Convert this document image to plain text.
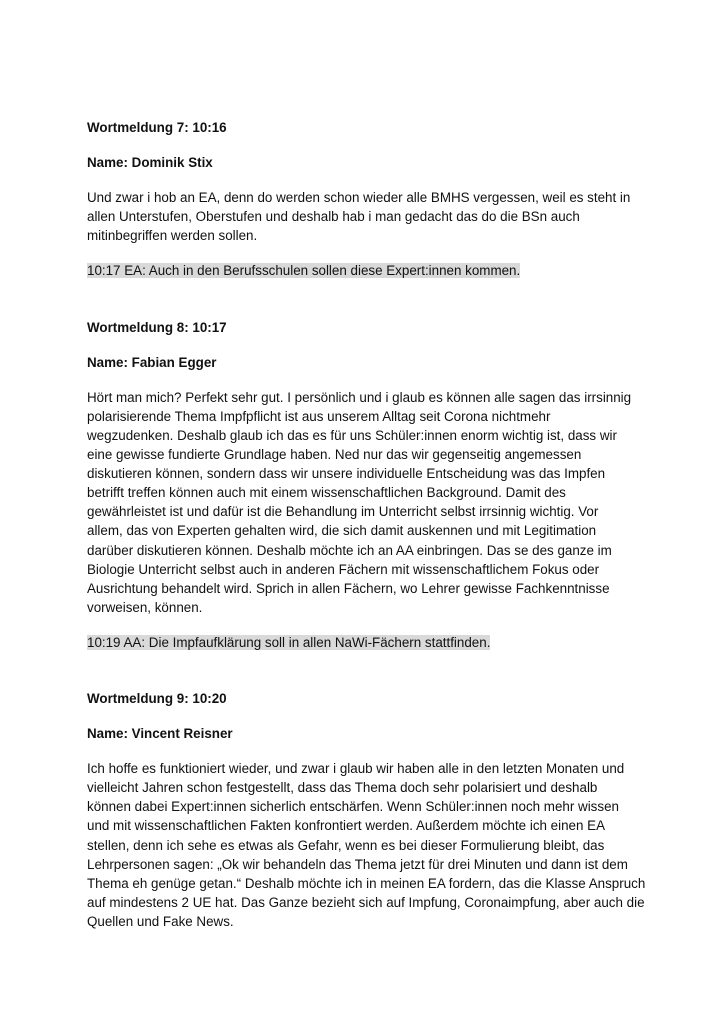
Wortmeldung 7: 10:16

Name: Dominik Stix

Und zwar i hob an EA, denn do werden schon wieder alle BMHS vergessen, weil es steht in
allen Unterstufen, Oberstufen und deshalb hab i man gedacht das do die BSn auch
mitinbegriffen werden sollen.

10:17 EA: Auch in den Berufsschulen sollen diese Expert:innen kommen.

Wortmeldung 8: 10:17

Name: Fabian Egger

Hört man mich? Perfekt sehr gut. I persönlich und i glaub es können alle sagen das irrsinnig
polarisierende Thema Impfpflicht ist aus unserem Alltag seit Corona nichtmehr
wegzudenken. Deshalb glaub ich das es für uns Schüler:innen enorm wichtig ist, dass wir
eine gewisse fundierte Grundlage haben. Ned nur das wir gegenseitig angemessen
diskutieren können, sondern dass wir unsere individuelle Entscheidung was das Impfen
betrifft treffen können auch mit einem wissenschaftlichen Background. Damit des
gewährleistet ist und dafür ist die Behandlung im Unterricht selbst irrsinnig wichtig. Vor
allem, das von Experten gehalten wird, die sich damit auskennen und mit Legitimation
darüber diskutieren können. Deshalb möchte ich an AA einbringen. Das se des ganze im
Biologie Unterricht selbst auch in anderen Fächern mit wissenschaftlichem Fokus oder
Ausrichtung behandelt wird. Sprich in allen Fächern, wo Lehrer gewisse Fachkenntnisse
vorweisen, können.

10:19 AA: Die Impfaufklärung soll in allen NaWi-Fächern stattfinden.

Wortmeldung 9: 10:20

Name: Vincent Reisner

Ich hoffe es funktioniert wieder, und zwar i glaub wir haben alle in den letzten Monaten und
vielleicht Jahren schon festgestellt, dass das Thema doch sehr polarisiert und deshalb
können dabei Expert:innen sicherlich entschärfen. Wenn Schüler:innen noch mehr wissen
und mit wissenschaftlichen Fakten konfrontiert werden. Außerdem möchte ich einen EA
stellen, denn ich sehe es etwas als Gefahr, wenn es bei dieser Formulierung bleibt, das
Lehrpersonen sagen: „Ok wir behandeln das Thema jetzt für drei Minuten und dann ist dem
Thema eh genüge getan.“ Deshalb möchte ich in meinen EA fordern, das die Klasse Anspruch
auf mindestens 2 UE hat. Das Ganze bezieht sich auf Impfung, Coronaimpfung, aber auch die
Quellen und Fake News.
